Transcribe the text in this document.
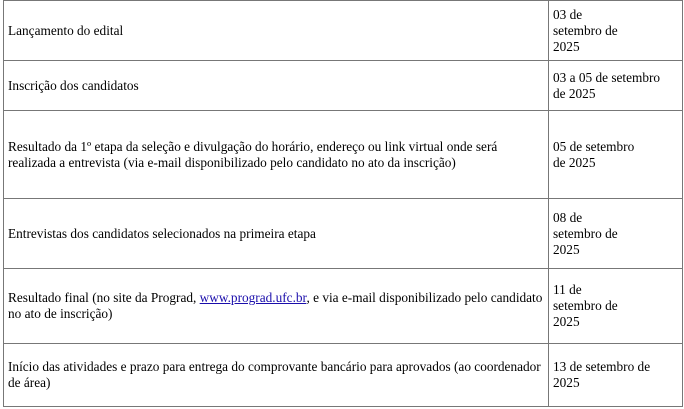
Lançamento do edital	03 de
setembro de
2025

Inscrição dos candidatos	03 a 05 de setembro
de 2025

Resultado da 1º etapa da seleção e divulgação do horário, endereço ou link virtual onde será realizada a entrevista (via e-mail disponibilizado pelo candidato no ato da inscrição)	05 de setembro
de 2025

Entrevistas dos candidatos selecionados na primeira etapa	08 de
setembro de
2025

Resultado final (no site da Prograd, www.prograd.ufc.br, e via e-mail disponibilizado pelo candidato no ato de inscrição)	11 de
setembro de
2025

Início das atividades e prazo para entrega do comprovante bancário para aprovados (ao coordenador de área)	13 de setembro de
2025
